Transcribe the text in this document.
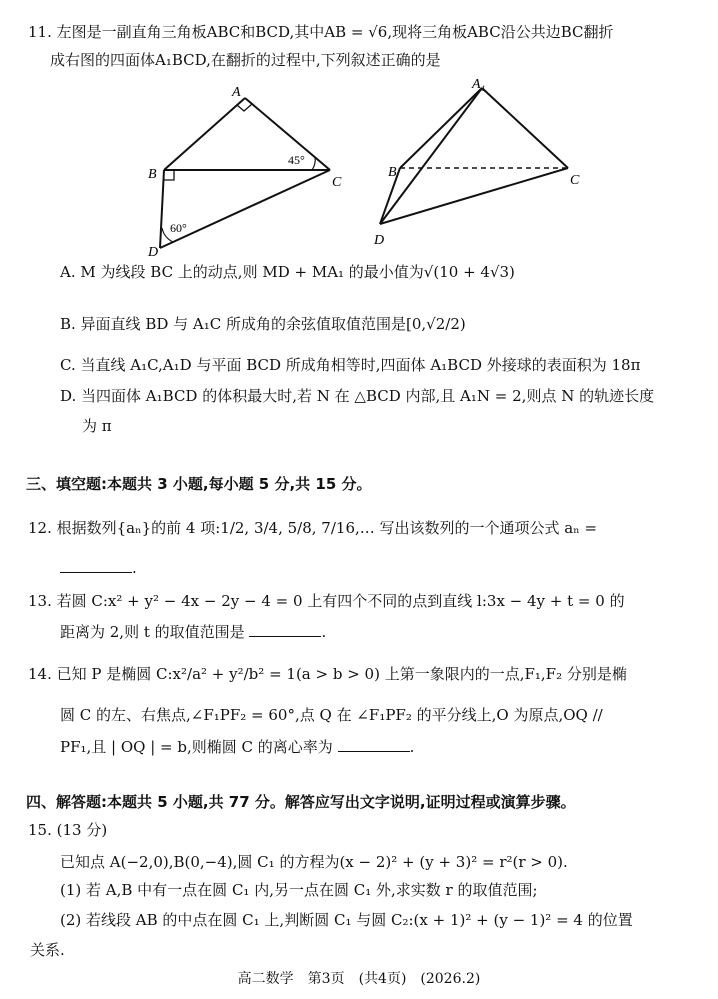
11. 左图是一副直角三角板ABC和BCD,其中AB = √6,现将三角板ABC沿公共边BC翻折
成右图的四面体A₁BCD,在翻折的过程中,下列叙述正确的是
A
B
C
D
45°
60°
A₁
B
C
D
A. M 为线段 BC 上的动点,则 MD + MA₁ 的最小值为√(10 + 4√3)
B. 异面直线 BD 与 A₁C 所成角的余弦值取值范围是[0,√2/2)
C. 当直线 A₁C,A₁D 与平面 BCD 所成角相等时,四面体 A₁BCD 外接球的表面积为 18π
D. 当四面体 A₁BCD 的体积最大时,若 N 在 △BCD 内部,且 A₁N = 2,则点 N 的轨迹长度
为 π
三、填空题:本题共 3 小题,每小题 5 分,共 15 分。
12. 根据数列{aₙ}的前 4 项:1/2, 3/4, 5/8, 7/16,… 写出该数列的一个通项公式 aₙ =
.
13. 若圆 C:x² + y² − 4x − 2y − 4 = 0 上有四个不同的点到直线 l:3x − 4y + t = 0 的
距离为 2,则 t 的取值范围是	.
14. 已知 P 是椭圆 C:x²/a² + y²/b² = 1(a > b > 0) 上第一象限内的一点,F₁,F₂ 分别是椭
圆 C 的左、右焦点,∠F₁PF₂ = 60°,点 Q 在 ∠F₁PF₂ 的平分线上,O 为原点,OQ //
PF₁,且 | OQ | = b,则椭圆 C 的离心率为	.
四、解答题:本题共 5 小题,共 77 分。解答应写出文字说明,证明过程或演算步骤。
15. (13 分)
已知点 A(−2,0),B(0,−4),圆 C₁ 的方程为(x − 2)² + (y + 3)² = r²(r > 0).
(1) 若 A,B 中有一点在圆 C₁ 内,另一点在圆 C₁ 外,求实数 r 的取值范围;
(2) 若线段 AB 的中点在圆 C₁ 上,判断圆 C₁ 与圆 C₂:(x + 1)² + (y − 1)² = 4 的位置
关系.
高二数学　第3页　(共4页)　(2026.2)
